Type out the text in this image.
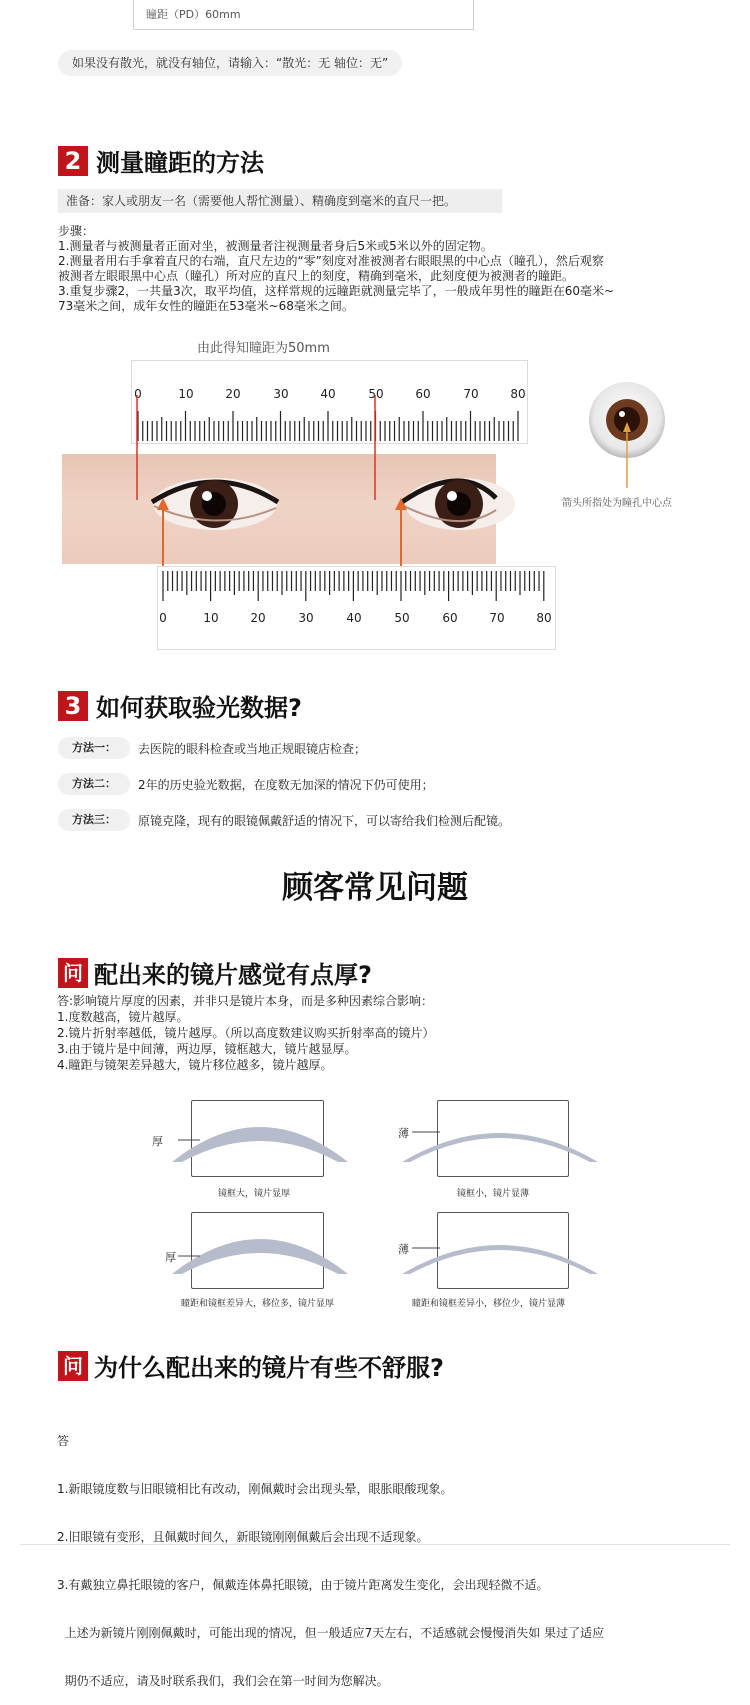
瞳距（PD）60mm
如果没有散光，就没有轴位，请输入：“散光：无 轴位：无”
2 测量瞳距的方法
准备：家人或朋友一名（需要他人帮忙测量）、精确度到毫米的直尺一把。
步骤：
1.测量者与被测量者正面对坐，被测量者注视测量者身后5米或5米以外的固定物。
2.测量者用右手拿着直尺的右端，直尺左边的“零”刻度对准被测者右眼眼黑的中心点（瞳孔），然后观察
被测者左眼眼黑中心点（瞳孔）所对应的直尺上的刻度，精确到毫米，此刻度便为被测者的瞳距。
3.重复步骤2，一共量3次，取平均值，这样常规的远瞳距就测量完毕了，一般成年男性的瞳距在60毫米~
73毫米之间，成年女性的瞳距在53毫米~68毫米之间。
由此得知瞳距为50mm
0	10	20	30	40	50	60	70	80
0	10	20	30	40	50	60	70	80
箭头所指处为瞳孔中心点
3 如何获取验光数据?
方法一：	去医院的眼科检查或当地正规眼镜店检查；
方法二：	2年的历史验光数据，在度数无加深的情况下仍可使用；
方法三：	原镜克隆，现有的眼镜佩戴舒适的情况下，可以寄给我们检测后配镜。
顾客常见问题
问 配出来的镜片感觉有点厚?
答:影响镜片厚度的因素，并非只是镜片本身，而是多种因素综合影响：
1.度数越高，镜片越厚。
2.镜片折射率越低，镜片越厚。（所以高度数建议购买折射率高的镜片）
3.由于镜片是中间薄，两边厚，镜框越大，镜片越显厚。
4.瞳距与镜架差异越大，镜片移位越多，镜片越厚。
厚
镜框大，镜片显厚
薄
镜框小，镜片显薄
厚
瞳距和镜框差异大，移位多，镜片显厚
薄
瞳距和镜框差异小，移位少，镜片显薄
问 为什么配出来的镜片有些不舒服?

答

1.新眼镜度数与旧眼镜相比有改动，刚佩戴时会出现头晕，眼胀眼酸现象。

2.旧眼镜有变形，且佩戴时间久，新眼镜刚刚佩戴后会出现不适现象。

3.有戴独立鼻托眼镜的客户，佩戴连体鼻托眼镜，由于镜片距离发生变化，会出现轻微不适。

上述为新镜片刚刚佩戴时，可能出现的情况，但一般适应7天左右，不适感就会慢慢消失如 果过了适应

期仍不适应，请及时联系我们，我们会在第一时间为您解决。
